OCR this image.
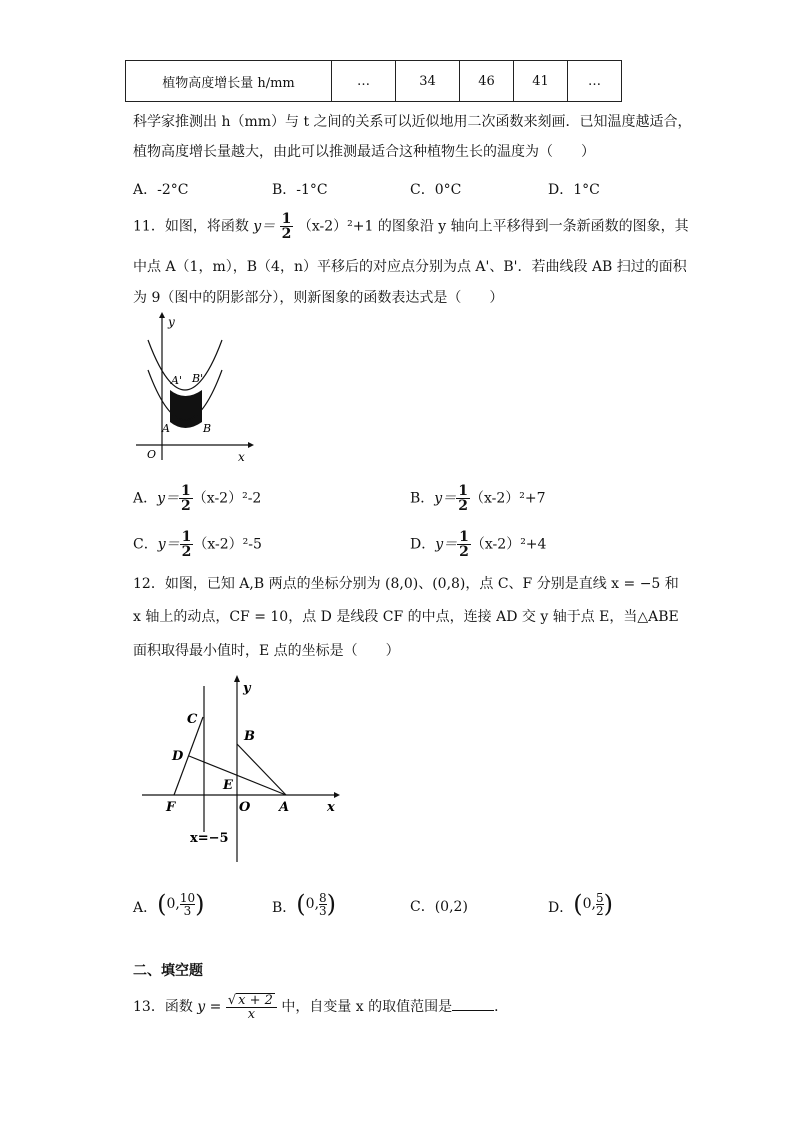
植物高度增长量 h/mm	…	34	46	41	…
科学家推测出 h（mm）与 t 之间的关系可以近似地用二次函数来刻画．已知温度越适合，
植物高度增长量越大，由此可以推测最适合这种植物生长的温度为（　　）
A．-2°C	B．-1°C	C．0°C	D．1°C
11．如图，将函数 $y= \frac{1}{2} (x-2)^2+1$ 的图象沿 y 轴向上平移得到一条新函数的图象，其
中点 A（1，m），B（4，n）平移后的对应点分别为点 A'、B'．若曲线段 AB 扫过的面积
为 9（图中的阴影部分），则新图象的函数表达式是（　　）
y
x
O
A	B
A' B'
A．$y= \frac{1}{2} (x-2)^2-2$	B．$y= \frac{1}{2} (x-2)^2+7$
C．$y= \frac{1}{2} (x-2)^2-5$	D．$y= \frac{1}{2} (x-2)^2+4$
12．如图，已知 A,B 两点的坐标分别为 (8,0)、(0,8)，点 C、F 分别是直线 x = −5 和
x 轴上的动点，CF = 10，点 D 是线段 CF 的中点，连接 AD 交 y 轴于点 E，当△ABE
面积取得最小值时，E 点的坐标是（　　）
y
x
C
B
D
E
F	O A
x=−5
A． ( 0, $\frac{10}{3}$ )	B． ( 0, $\frac{8}{3}$ )	C．(0,2)	D． ( 0, $\frac{5}{2}$ )
二、填空题
13．函数 $y = \frac{√ x + 2}{x}$ 中，自变量 x 的取值范围是	．
